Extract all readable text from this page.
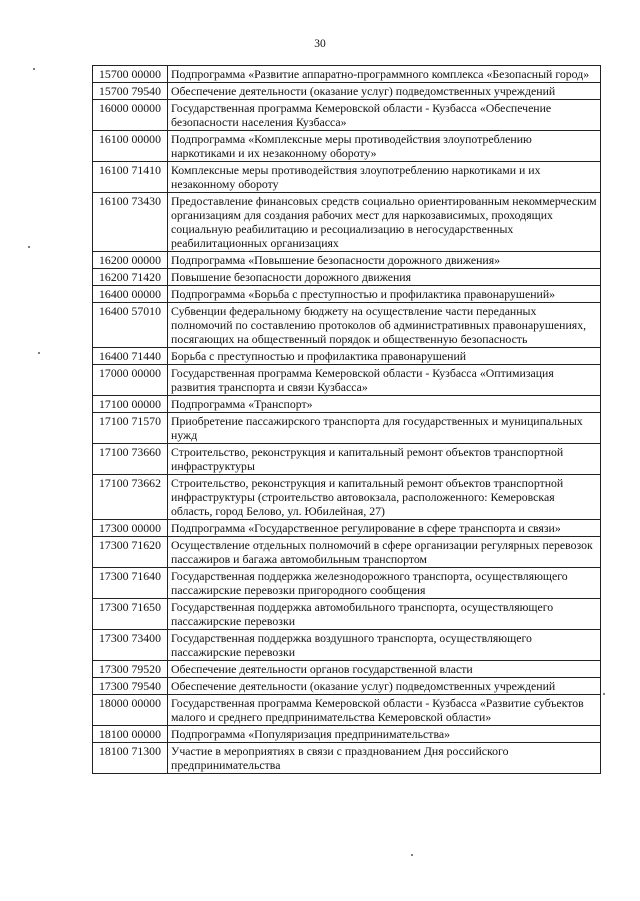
30
15700 00000	Подпрограмма «Развитие аппаратно-программного комплекса «Безопасный город»
15700 79540	Обеспечение деятельности (оказание услуг) подведомственных учреждений
16000 00000	Государственная программа Кемеровской области - Кузбасса «Обеспечение безопасности населения Кузбасса»
16100 00000	Подпрограмма «Комплексные меры противодействия злоупотреблению наркотиками и их незаконному обороту»
16100 71410	Комплексные меры противодействия злоупотреблению наркотиками и их незаконному обороту
16100 73430	Предоставление финансовых средств социально ориентированным некоммерческим организациям для создания рабочих мест для наркозависимых, проходящих социальную реабилитацию и ресоциализацию в негосударственных реабилитационных организациях
16200 00000	Подпрограмма «Повышение безопасности дорожного движения»
16200 71420	Повышение безопасности дорожного движения
16400 00000	Подпрограмма «Борьба с преступностью и профилактика правонарушений»
16400 57010	Субвенции федеральному бюджету на осуществление части переданных полномочий по составлению протоколов об административных правонарушениях, посягающих на общественный порядок и общественную безопасность
16400 71440	Борьба с преступностью и профилактика правонарушений
17000 00000	Государственная программа Кемеровской области - Кузбасса «Оптимизация развития транспорта и связи Кузбасса»
17100 00000	Подпрограмма «Транспорт»
17100 71570	Приобретение пассажирского транспорта для государственных и муниципальных нужд
17100 73660	Строительство, реконструкция и капитальный ремонт объектов транспортной инфраструктуры
17100 73662	Строительство, реконструкция и капитальный ремонт объектов транспортной инфраструктуры (строительство автовокзала, расположенного: Кемеровская область, город Белово, ул. Юбилейная, 27)
17300 00000	Подпрограмма «Государственное регулирование в сфере транспорта и связи»
17300 71620	Осуществление отдельных полномочий в сфере организации регулярных перевозок пассажиров и багажа автомобильным транспортом
17300 71640	Государственная поддержка железнодорожного транспорта, осуществляющего пассажирские перевозки пригородного сообщения
17300 71650	Государственная поддержка автомобильного транспорта, осуществляющего пассажирские перевозки
17300 73400	Государственная поддержка воздушного транспорта, осуществляющего пассажирские перевозки
17300 79520	Обеспечение деятельности органов государственной власти
17300 79540	Обеспечение деятельности (оказание услуг) подведомственных учреждений
18000 00000	Государственная программа Кемеровской области - Кузбасса «Развитие субъектов малого и среднего предпринимательства Кемеровской области»
18100 00000	Подпрограмма «Популяризация предпринимательства»
18100 71300	Участие в мероприятиях в связи с празднованием Дня российского предпринимательства
